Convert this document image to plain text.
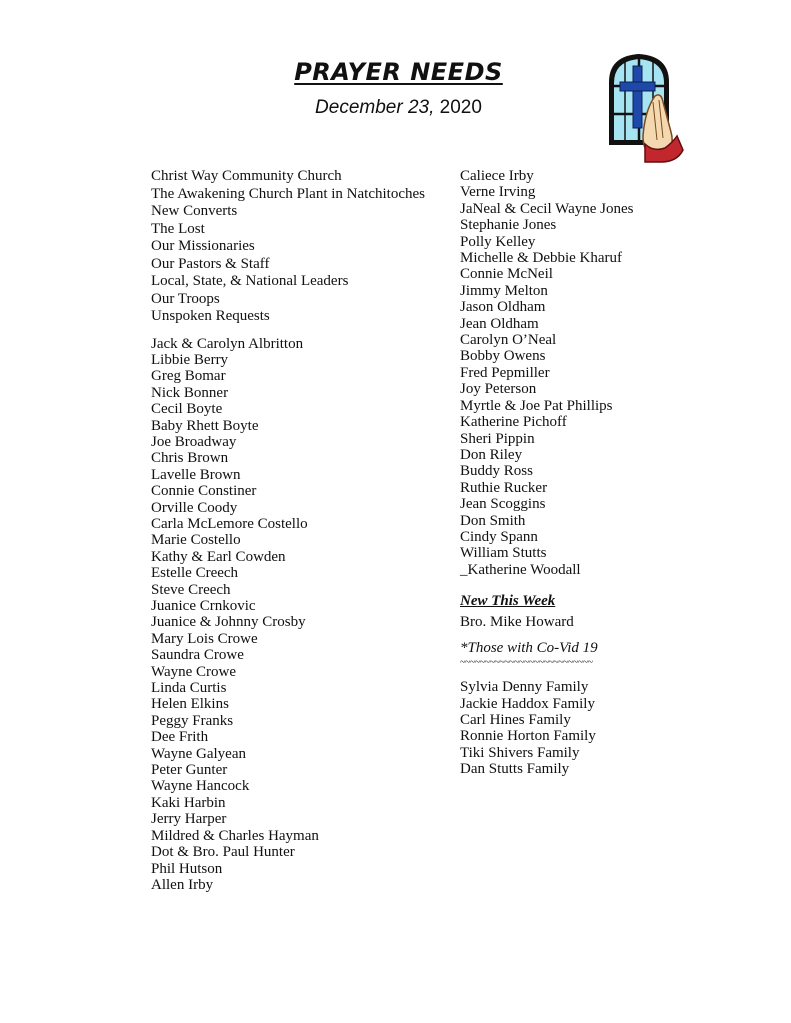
PRAYER NEEDS
December 23, 2020
Christ Way Community Church
The Awakening Church Plant in Natchitoches
New Converts
The Lost
Our Missionaries
Our Pastors & Staff
Local, State, & National Leaders
Our Troops
Unspoken Requests
Jack & Carolyn Albritton
Libbie Berry
Greg Bomar
Nick Bonner
Cecil Boyte
Baby Rhett Boyte
Joe Broadway
Chris Brown
Lavelle Brown
Connie Constiner
Orville Coody
Carla McLemore Costello
Marie Costello
Kathy & Earl Cowden
Estelle Creech
Steve Creech
Juanice Crnkovic
Juanice & Johnny Crosby
Mary Lois Crowe
Saundra Crowe
Wayne Crowe
Linda Curtis
Helen Elkins
Peggy Franks
Dee Frith
Wayne Galyean
Peter Gunter
Wayne Hancock
Kaki Harbin
Jerry Harper
Mildred & Charles Hayman
Dot & Bro. Paul Hunter
Phil Hutson
Allen Irby
Caliece Irby
Verne Irving
JaNeal & Cecil Wayne Jones
Stephanie Jones
Polly Kelley
Michelle & Debbie Kharuf
Connie McNeil
Jimmy Melton
Jason Oldham
Jean Oldham
Carolyn O’Neal
Bobby Owens
Fred Pepmiller
Joy Peterson
Myrtle & Joe Pat Phillips
Katherine Pichoff
Sheri Pippin
Don Riley
Buddy Ross
Ruthie Rucker
Jean Scoggins
Don Smith
Cindy Spann
William Stutts
_Katherine Woodall
New This Week
Bro. Mike Howard
*Those with Co-Vid 19
~~~~~~~~~~~~~~~~~~~~~~~~~~~
Sylvia Denny Family
Jackie Haddox Family
Carl Hines Family
Ronnie Horton Family
Tiki Shivers Family
Dan Stutts Family
